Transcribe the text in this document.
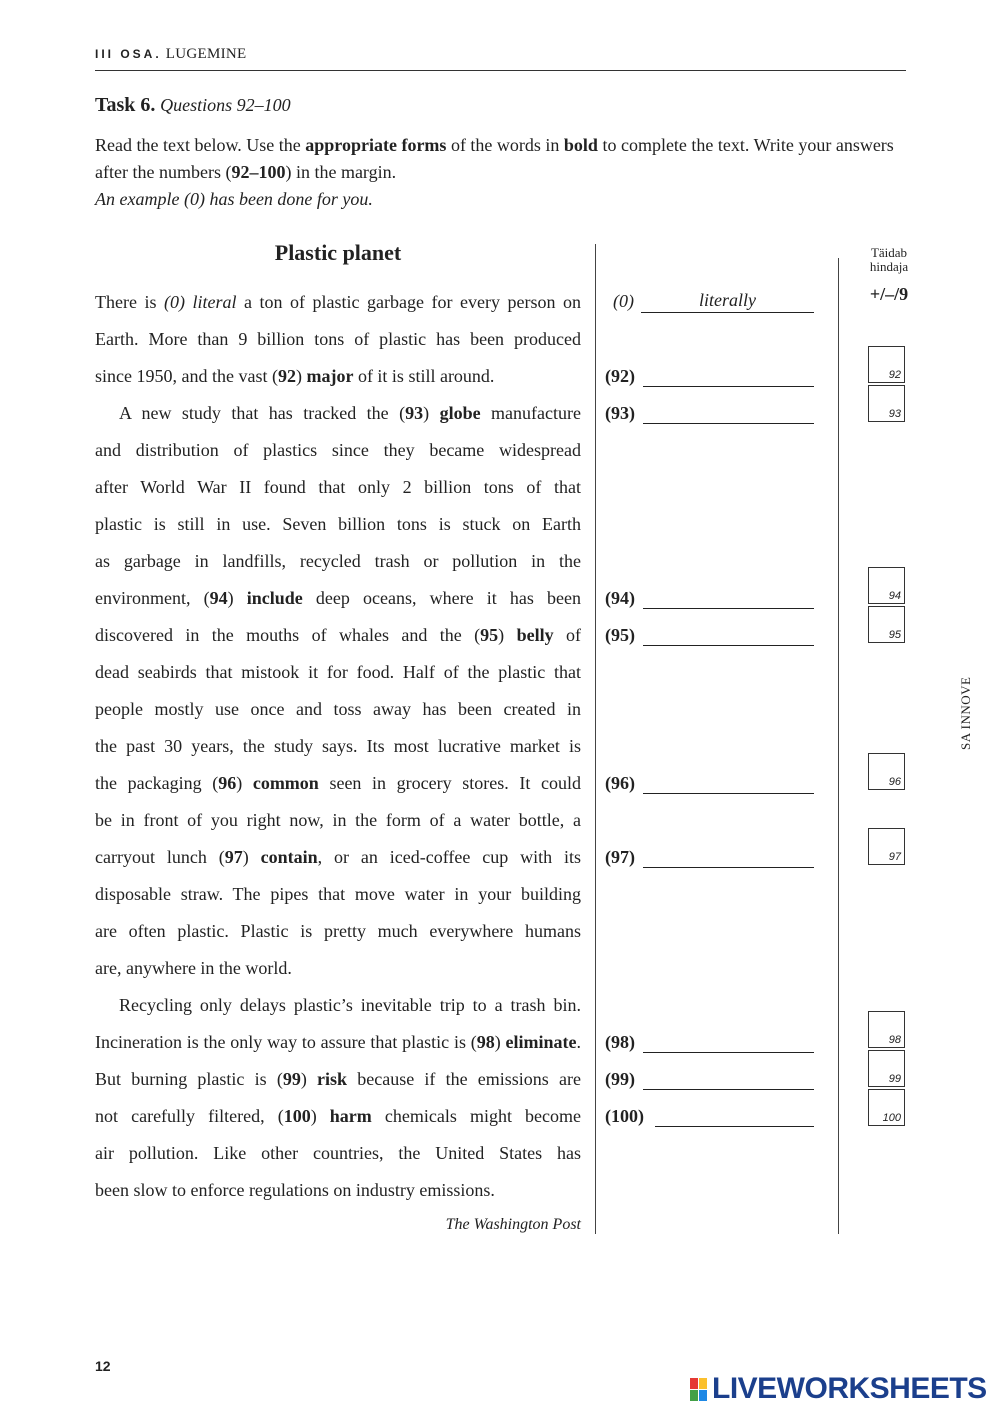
III OSA. LUGEMINE
Task 6. Questions 92–100
Read the text below. Use the appropriate forms of the words in bold to complete the text. Write your answers after the numbers (92–100) in the margin.
An example (0) has been done for you.
Plastic planet
There is (0) literal a ton of plastic garbage for every person on
Earth. More than 9 billion tons of plastic has been produced
since 1950, and the vast (92) major of it is still around.
A new study that has tracked the (93) globe manufacture
and distribution of plastics since they became widespread
after World War II found that only 2 billion tons of that
plastic is still in use. Seven billion tons is stuck on Earth
as garbage in landfills, recycled trash or pollution in the
environment, (94) include deep oceans, where it has been
discovered in the mouths of whales and the (95) belly of
dead seabirds that mistook it for food. Half of the plastic that
people mostly use once and toss away has been created in
the past 30 years, the study says. Its most lucrative market is
the packaging (96) common seen in grocery stores. It could
be in front of you right now, in the form of a water bottle, a
carryout lunch (97) contain, or an iced-coffee cup with its
disposable straw. The pipes that move water in your building
are often plastic. Plastic is pretty much everywhere humans
are, anywhere in the world.
Recycling only delays plastic’s inevitable trip to a trash bin.
Incineration is the only way to assure that plastic is (98) eliminate.
But burning plastic is (99) risk because if the emissions are
not carefully filtered, (100) harm chemicals might become
air pollution. Like other countries, the United States has
been slow to enforce regulations on industry emissions.
The Washington Post
(0)	literally
(92)
(93)
(94)
(95)
(96)
(97)
(98)
(99)
(100)
Täidab
hindaja
+/–/9
92
93
94
95
96
97
98
99
100
SA INNOVE
12
LIVEWORKSHEETS
